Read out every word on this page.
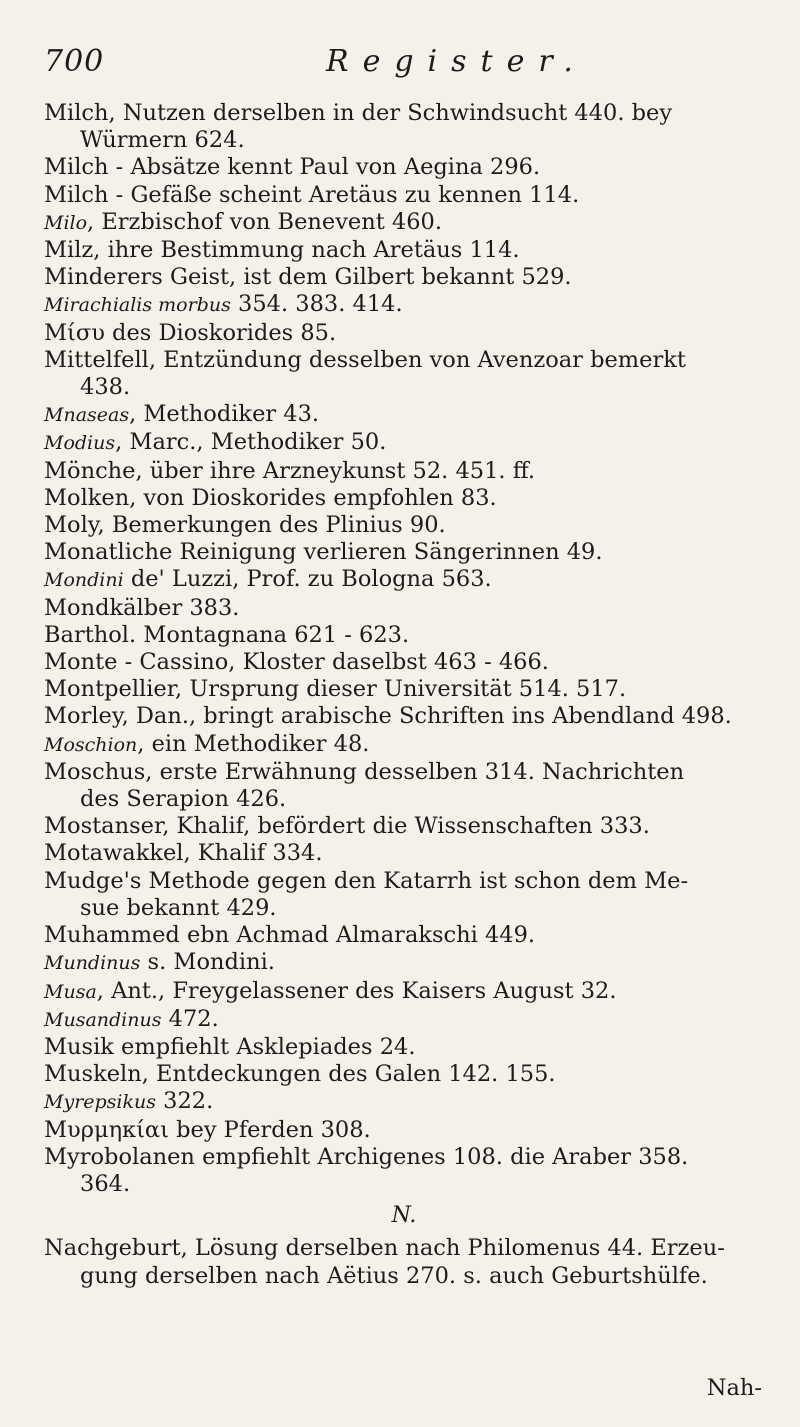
700	Register.
Milch, Nutzen derselben in der Schwindsucht 440. bey
Würmern 624.
Milch - Absätze kennt Paul von Aegina 296.
Milch - Gefäße scheint Aretäus zu kennen 114.
Milo, Erzbischof von Benevent 460.
Milz, ihre Bestimmung nach Aretäus 114.
Minderers Geist, ist dem Gilbert bekannt 529.
Mirachialis morbus 354. 383. 414.
Μίσυ des Dioskorides 85.
Mittelfell, Entzündung desselben von Avenzoar bemerkt
438.
Mnaseas, Methodiker 43.
Modius, Marc., Methodiker 50.
Mönche, über ihre Arzneykunst 52. 451. ff.
Molken, von Dioskorides empfohlen 83.
Moly, Bemerkungen des Plinius 90.
Monatliche Reinigung verlieren Sängerinnen 49.
Mondini de' Luzzi, Prof. zu Bologna 563.
Mondkälber 383.
Barthol. Montagnana 621 - 623.
Monte - Cassino, Kloster daselbst 463 - 466.
Montpellier, Ursprung dieser Universität 514. 517.
Morley, Dan., bringt arabische Schriften ins Abendland 498.
Moschion, ein Methodiker 48.
Moschus, erste Erwähnung desselben 314. Nachrichten
des Serapion 426.
Mostanser, Khalif, befördert die Wissenschaften 333.
Motawakkel, Khalif 334.
Mudge's Methode gegen den Katarrh ist schon dem Me-
sue bekannt 429.
Muhammed ebn Achmad Almarakschi 449.
Mundinus s. Mondini.
Musa, Ant., Freygelassener des Kaisers August 32.
Musandinus 472.
Musik empfiehlt Asklepiades 24.
Muskeln, Entdeckungen des Galen 142. 155.
Myrepsikus 322.
Μυρμηκίαι bey Pferden 308.
Myrobolanen empfiehlt Archigenes 108. die Araber 358.
364.
N.
Nachgeburt, Lösung derselben nach Philomenus 44. Erzeu-
gung derselben nach Aëtius 270. s. auch Geburtshülfe.
Nah-
